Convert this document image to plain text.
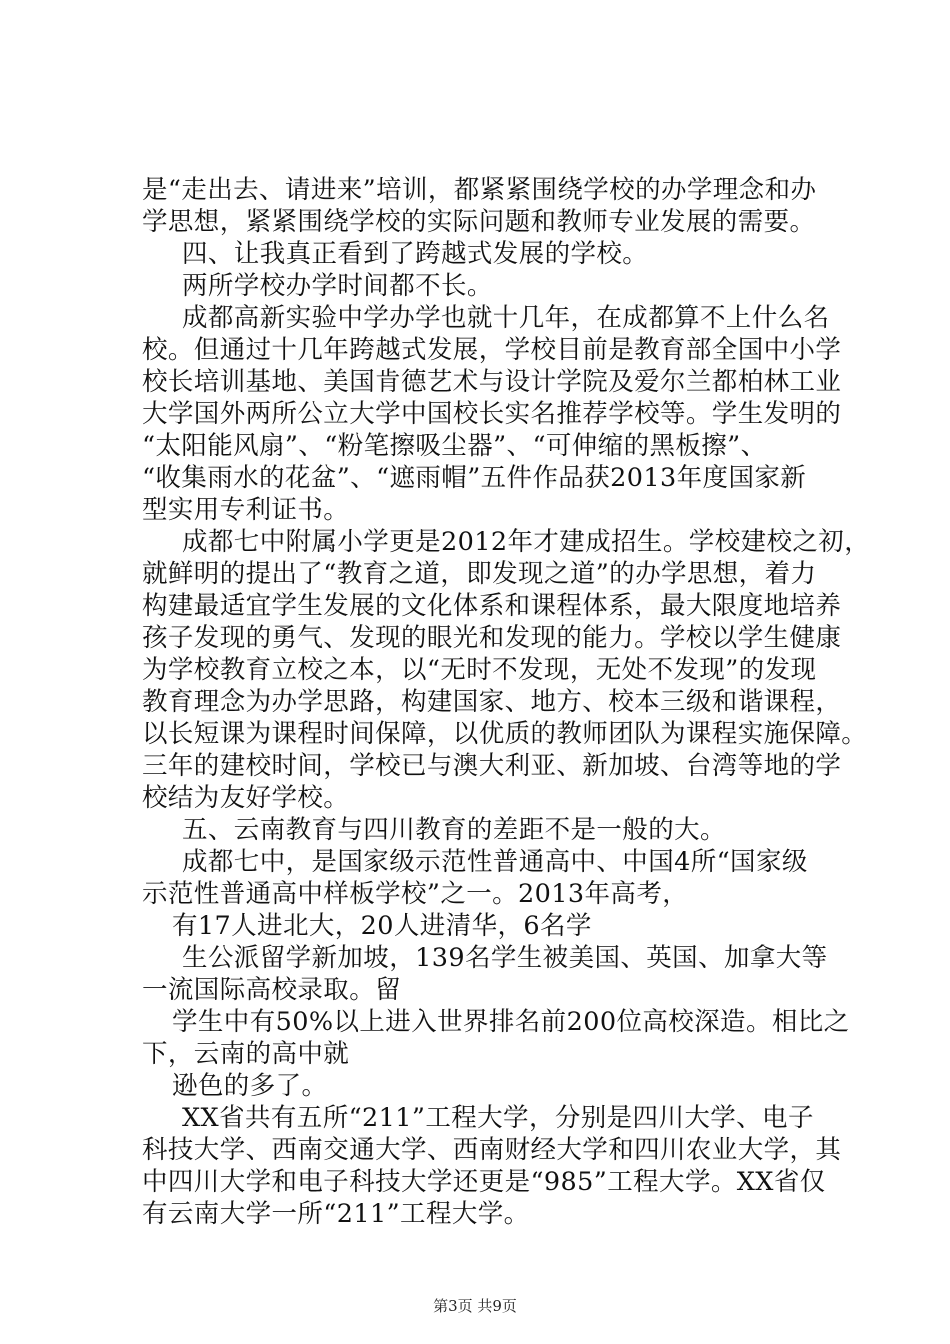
是“走出去、请进来”培训，都紧紧围绕学校的办学理念和办
学思想，紧紧围绕学校的实际问题和教师专业发展的需要。
四、让我真正看到了跨越式发展的学校。
两所学校办学时间都不长。
成都高新实验中学办学也就十几年，在成都算不上什么名
校。但通过十几年跨越式发展，学校目前是教育部全国中小学
校长培训基地、美国肯德艺术与设计学院及爱尔兰都柏林工业
大学国外两所公立大学中国校长实名推荐学校等。学生发明的
“太阳能风扇”、“粉笔擦吸尘器”、“可伸缩的黑板擦”、
“收集雨水的花盆”、“遮雨帽”五件作品获2013年度国家新
型实用专利证书。
成都七中附属小学更是2012年才建成招生。学校建校之初，
就鲜明的提出了“教育之道，即发现之道”的办学思想，着力
构建最适宜学生发展的文化体系和课程体系，最大限度地培养
孩子发现的勇气、发现的眼光和发现的能力。学校以学生健康
为学校教育立校之本，以“无时不发现，无处不发现”的发现
教育理念为办学思路，构建国家、地方、校本三级和谐课程，
以长短课为课程时间保障，以优质的教师团队为课程实施保障。
三年的建校时间，学校已与澳大利亚、新加坡、台湾等地的学
校结为友好学校。
五、云南教育与四川教育的差距不是一般的大。
成都七中，是国家级示范性普通高中、中国4所“国家级
示范性普通高中样板学校”之一。2013年高考，
有17人进北大，20人进清华，6名学
生公派留学新加坡，139名学生被美国、英国、加拿大等
一流国际高校录取。留
学生中有50%以上进入世界排名前200位高校深造。相比之
下，云南的高中就
逊色的多了。
XX省共有五所“211”工程大学，分别是四川大学、电子
科技大学、西南交通大学、西南财经大学和四川农业大学，其
中四川大学和电子科技大学还更是“985”工程大学。XX省仅
有云南大学一所“211”工程大学。
第3页 共9页
